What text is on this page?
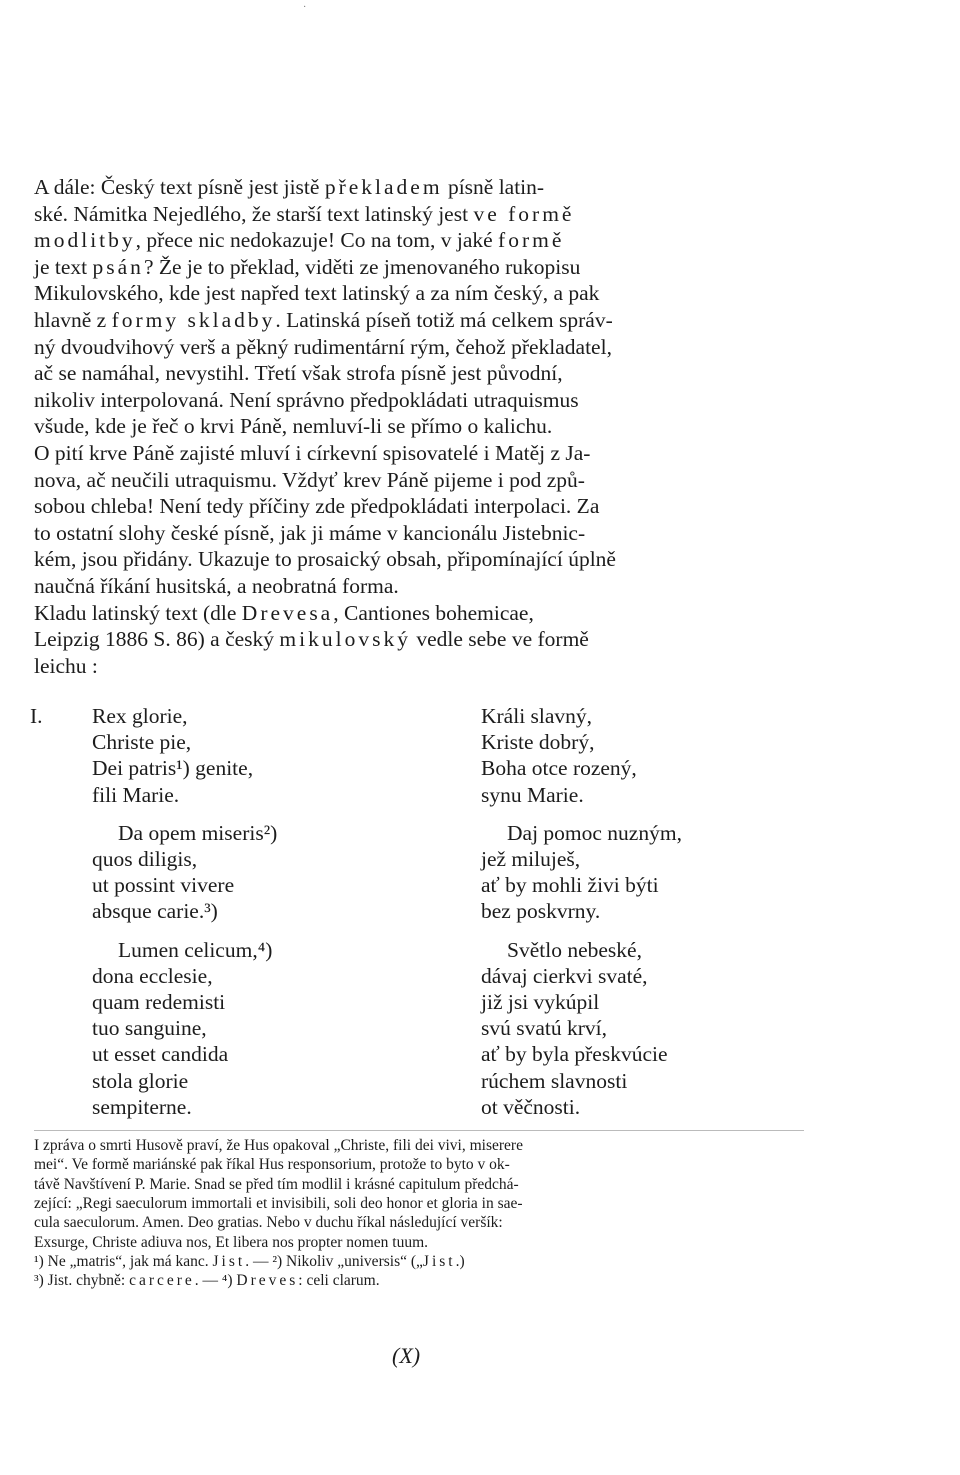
·
A dále: Český text písně jest jistě překladem písně latin-
ské. Námitka Nejedlého, že starší text latinský jest ve formě
modlitby, přece nic nedokazuje! Co na tom, v jaké formě
je text psán? Že je to překlad, viděti ze jmenovaného rukopisu
Mikulovského, kde jest napřed text latinský a za ním český, a pak
hlavně z formy skladby. Latinská píseň totiž má celkem správ-
ný dvoudvihový verš a pěkný rudimentární rým, čehož překladatel,
ač se namáhal, nevystihl. Třetí však strofa písně jest původní,
nikoliv interpolovaná. Není správno předpokládati utraquismus
všude, kde je řeč o krvi Páně, nemluví-li se přímo o kalichu.
O pití krve Páně zajisté mluví i církevní spisovatelé i Matěj z Ja-
nova, ač neučili utraquismu. Vždyť krev Páně pijeme i pod způ-
sobou chleba! Není tedy příčiny zde předpokládati interpolaci. Za
to ostatní slohy české písně, jak ji máme v kancionálu Jistebnic-
kém, jsou přidány. Ukazuje to prosaický obsah, připomínající úplně
naučná říkání husitská, a neobratná forma.
Kladu latinský text (dle Drevesa, Cantiones bohemicae,
Leipzig 1886 S. 86) a český mikulovský vedle sebe ve formě
leichu :
I. Rex glorie,
Christe pie,
Dei patris¹) genite,
fili Marie.
Da opem miseris²)
quos diligis,
ut possint vivere
absque carie.³)
Lumen celicum,⁴)
dona ecclesie,
quam redemisti
tuo sanguine,
ut esset candida
stola glorie
sempiterne.
Králi slavný,
Kriste dobrý,
Boha otce rozený,
synu Marie.
Daj pomoc nuzným,
jež miluješ,
ať by mohli živi býti
bez poskvrny.
Světlo nebeské,
dávaj cierkvi svaté,
již jsi vykúpil
svú svatú krví,
ať by byla přeskvúcie
rúchem slavnosti
ot věčnosti.
I zpráva o smrti Husově praví, že Hus opakoval „Christe, fili dei vivi, miserere
mei“. Ve formě mariánské pak říkal Hus responsorium, protože to byto v ok-
távě Navštívení P. Marie. Snad se před tím modlil i krásné capitulum předchá-
zející: „Regi saeculorum immortali et invisibili, soli deo honor et gloria in sae-
cula saeculorum. Amen. Deo gratias. Nebo v duchu říkal následující veršík:
Exsurge, Christe adiuva nos, Et libera nos propter nomen tuum.
¹) Ne „matris“, jak má kanc. Jist. — ²) Nikoliv „universis“ („Jist.)
³) Jist. chybně: carcere. — ⁴) Dreves: celi clarum.
(X)
